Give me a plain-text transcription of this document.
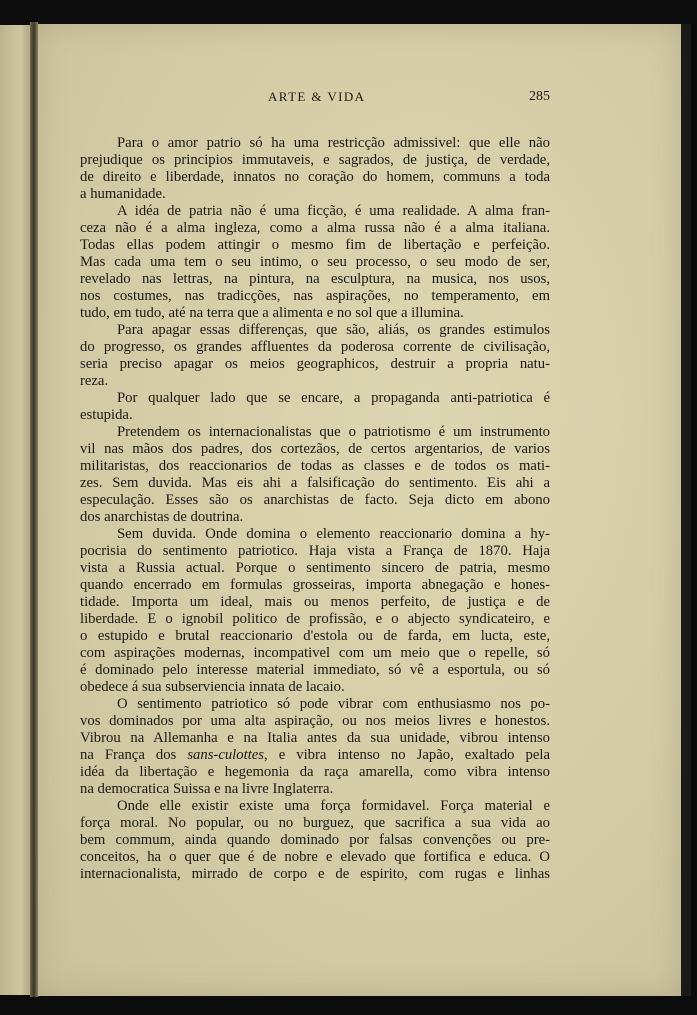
ARTE & VIDA	285
Para o amor patrio só ha uma restricção admissivel: que elle não
prejudique os principios immutaveis, e sagrados, de justiça, de verdade,
de direito e liberdade, innatos no coração do homem, communs a toda
a humanidade.
A idéa de patria não é uma ficção, é uma realidade. A alma fran-
ceza não é a alma ingleza, como a alma russa não é a alma italiana.
Todas ellas podem attingir o mesmo fim de libertação e perfeição.
Mas cada uma tem o seu intimo, o seu processo, o seu modo de ser,
revelado nas lettras, na pintura, na esculptura, na musica, nos usos,
nos costumes, nas tradicções, nas aspirações, no temperamento, em
tudo, em tudo, até na terra que a alimenta e no sol que a illumina.
Para apagar essas differenças, que são, aliás, os grandes estimulos
do progresso, os grandes affluentes da poderosa corrente de civilisação,
seria preciso apagar os meios geographicos, destruir a propria natu-
reza.
Por qualquer lado que se encare, a propaganda anti-patriotica é
estupida.
Pretendem os internacionalistas que o patriotismo é um instrumento
vil nas mãos dos padres, dos cortezãos, de certos argentarios, de varios
militaristas, dos reaccionarios de todas as classes e de todos os mati-
zes. Sem duvida. Mas eis ahi a falsificação do sentimento. Eis ahi a
especulação. Esses são os anarchistas de facto. Seja dicto em abono
dos anarchistas de doutrina.
Sem duvida. Onde domina o elemento reaccionario domina a hy-
pocrisia do sentimento patriotico. Haja vista a França de 1870. Haja
vista a Russia actual. Porque o sentimento sincero de patria, mesmo
quando encerrado em formulas grosseiras, importa abnegação e hones-
tidade. Importa um ideal, mais ou menos perfeito, de justiça e de
liberdade. E o ignobil politico de profissão, e o abjecto syndicateiro, e
o estupido e brutal reaccionario d'estola ou de farda, em lucta, este,
com aspirações modernas, incompativel com um meio que o repelle, só
é dominado pelo interesse material immediato, só vê a esportula, ou só
obedece á sua subserviencia innata de lacaio.
O sentimento patriotico só pode vibrar com enthusiasmo nos po-
vos dominados por uma alta aspiração, ou nos meios livres e honestos.
Vibrou na Allemanha e na Italia antes da sua unidade, vibrou intenso
na França dos sans-culottes, e vibra intenso no Japão, exaltado pela
idéa da libertação e hegemonia da raça amarella, como vibra intenso
na democratica Suissa e na livre Inglaterra.
Onde elle existir existe uma força formidavel. Força material e
força moral. No popular, ou no burguez, que sacrifica a sua vida ao
bem commum, ainda quando dominado por falsas convenções ou pre-
conceitos, ha o quer que é de nobre e elevado que fortifica e educa. O
internacionalista, mirrado de corpo e de espirito, com rugas e linhas
